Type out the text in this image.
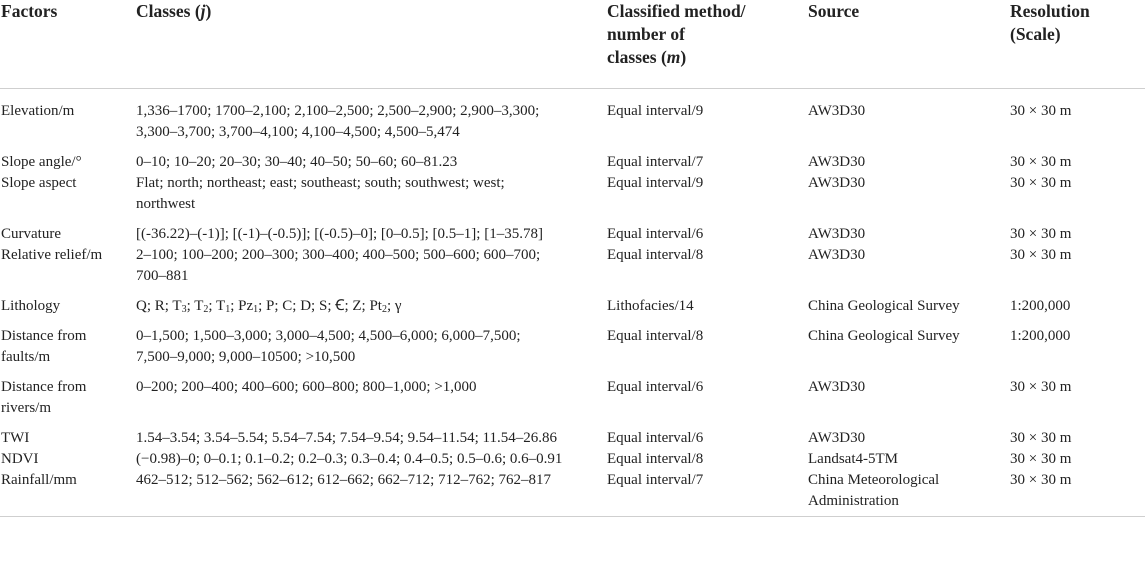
Factors	Classes (j)	Classified method/
number of
classes (m)	Source	Resolution
(Scale)

Elevation/m	1,336–1700; 1700–2,100; 2,100–2,500; 2,500–2,900; 2,900–3,300;
3,300–3,700; 3,700–4,100; 4,100–4,500; 4,500–5,474	Equal interval/9	AW3D30	30 × 30 m

Slope angle/°	0–10; 10–20; 20–30; 30–40; 40–50; 50–60; 60–81.23	Equal interval/7	AW3D30	30 × 30 m

Slope aspect	Flat; north; northeast; east; southeast; south; southwest; west;
northwest	Equal interval/9	AW3D30	30 × 30 m

Curvature	[(-36.22)–(-1)]; [(-1)–(-0.5)]; [(-0.5)–0]; [0–0.5]; [0.5–1]; [1–35.78]	Equal interval/6	AW3D30	30 × 30 m

Relative relief/m	2–100; 100–200; 200–300; 300–400; 400–500; 500–600; 600–700;
700–881	Equal interval/8	AW3D30	30 × 30 m

Lithology	Q; R; $T_3$; $T_2$; $T_1$; $Pz_1$; P; C; D; S; Ꞓ; Z; $Pt_2$; γ	Lithofacies/14	China Geological Survey	1:200,000

Distance from
faults/m	0–1,500; 1,500–3,000; 3,000–4,500; 4,500–6,000; 6,000–7,500;
7,500–9,000; 9,000–10500; >10,500	Equal interval/8	China Geological Survey	1:200,000

Distance from
rivers/m	0–200; 200–400; 400–600; 600–800; 800–1,000; >1,000	Equal interval/6	AW3D30	30 × 30 m

TWI	1.54–3.54; 3.54–5.54; 5.54–7.54; 7.54–9.54; 9.54–11.54; 11.54–26.86	Equal interval/6	AW3D30	30 × 30 m

NDVI	(−0.98)–0; 0–0.1; 0.1–0.2; 0.2–0.3; 0.3–0.4; 0.4–0.5; 0.5–0.6; 0.6–0.91	Equal interval/8	Landsat4-5TM	30 × 30 m

Rainfall/mm	462–512; 512–562; 562–612; 612–662; 662–712; 712–762; 762–817	Equal interval/7	China Meteorological
Administration	30 × 30 m
